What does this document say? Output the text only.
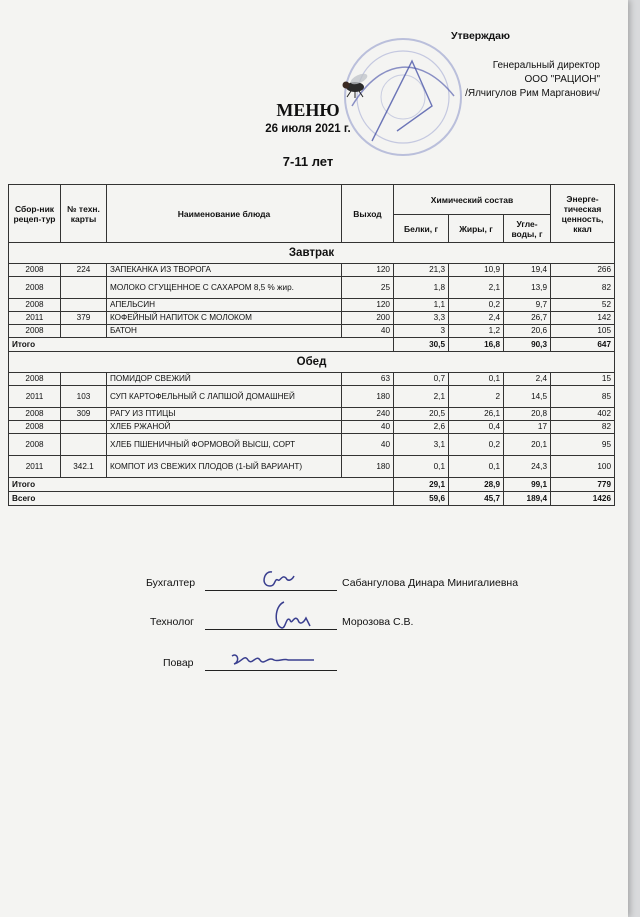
Утверждаю
Генеральный директор
ООО "РАЦИОН"
/Ялчигулов Рим Марганович/
МЕНЮ
26 июля 2021 г.
7-11 лет
Сбор-ник рецеп-тур	№ техн. карты	Наименование блюда	Выход	Химический состав			Энерге-тическая ценность, ккал
				Белки, г	Жиры, г	Угле-воды, г	
Завтрак							
2008	224	ЗАПЕКАНКА ИЗ ТВОРОГА	120	21,3	10,9	19,4	266
2008		МОЛОКО СГУЩЕННОЕ С САХАРОМ 8,5 % жир.	25	1,8	2,1	13,9	82
2008		АПЕЛЬСИН	120	1,1	0,2	9,7	52
2011	379	КОФЕЙНЫЙ НАПИТОК С МОЛОКОМ	200	3,3	2,4	26,7	142
2008		БАТОН	40	3	1,2	20,6	105
Итого				30,5	16,8	90,3	647
Обед							
2008		ПОМИДОР СВЕЖИЙ	63	0,7	0,1	2,4	15
2011	103	СУП КАРТОФЕЛЬНЫЙ С ЛАПШОЙ ДОМАШНЕЙ	180	2,1	2	14,5	85
2008	309	РАГУ ИЗ ПТИЦЫ	240	20,5	26,1	20,8	402
2008		ХЛЕБ РЖАНОЙ	40	2,6	0,4	17	82
2008		ХЛЕБ ПШЕНИЧНЫЙ ФОРМОВОЙ ВЫСШ, СОРТ	40	3,1	0,2	20,1	95
2011	342.1	КОМПОТ ИЗ СВЕЖИХ ПЛОДОВ (1-ЫЙ ВАРИАНТ)	180	0,1	0,1	24,3	100
Итого				29,1	28,9	99,1	779
Всего				59,6	45,7	189,4	1426
Бухгалтер	Сабангулова Динара Минигалиевна
Технолог	Морозова С.В.
Повар
